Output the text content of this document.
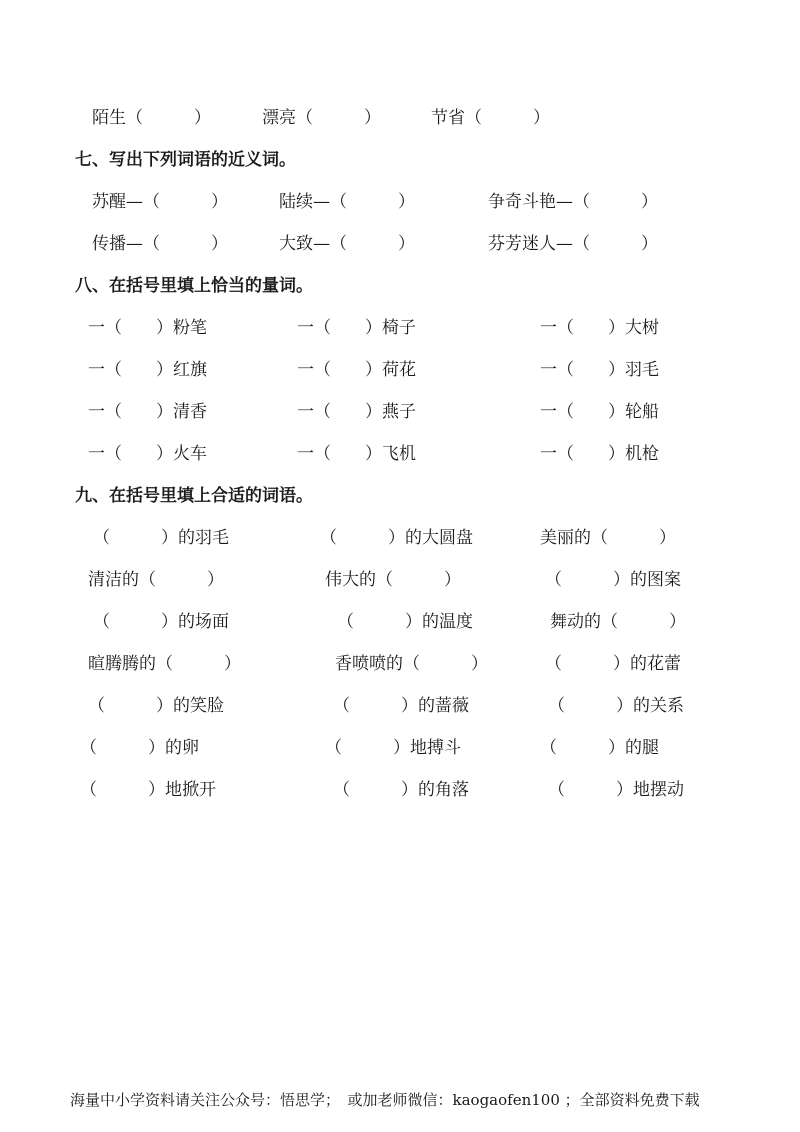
陌生（　　　）	漂亮（　　　）	节省（　　　）
七、写出下列词语的近义词。
苏醒—（　　　）	陆续—（　　　）	争奇斗艳—（　　　）
传播—（　　　）	大致—（　　　）	芬芳迷人—（　　　）
八、在括号里填上恰当的量词。
一（　　）粉笔	一（　　）椅子	一（　　）大树
一（　　）红旗	一（　　）荷花	一（　　）羽毛
一（　　）清香	一（　　）燕子	一（　　）轮船
一（　　）火车	一（　　）飞机	一（　　）机枪
九、在括号里填上合适的词语。
（　　　）的羽毛	（　　　）的大圆盘	美丽的（　　　）
清洁的（　　　）	伟大的（　　　）	（　　　）的图案
（　　　）的场面	（　　　）的温度	舞动的（　　　）
暄腾腾的（　　　）	香喷喷的（　　　）	（　　　）的花蕾
（　　　）的笑脸	（　　　）的蔷薇	（　　　）的关系
（　　　）的卵	（　　　）地搏斗	（　　　）的腿
（　　　）地掀开	（　　　）的角落	（　　　）地摆动
海量中小学资料请关注公众号：悟思学；　或加老师微信：kaogaofen100 ；全部资料免费下载
